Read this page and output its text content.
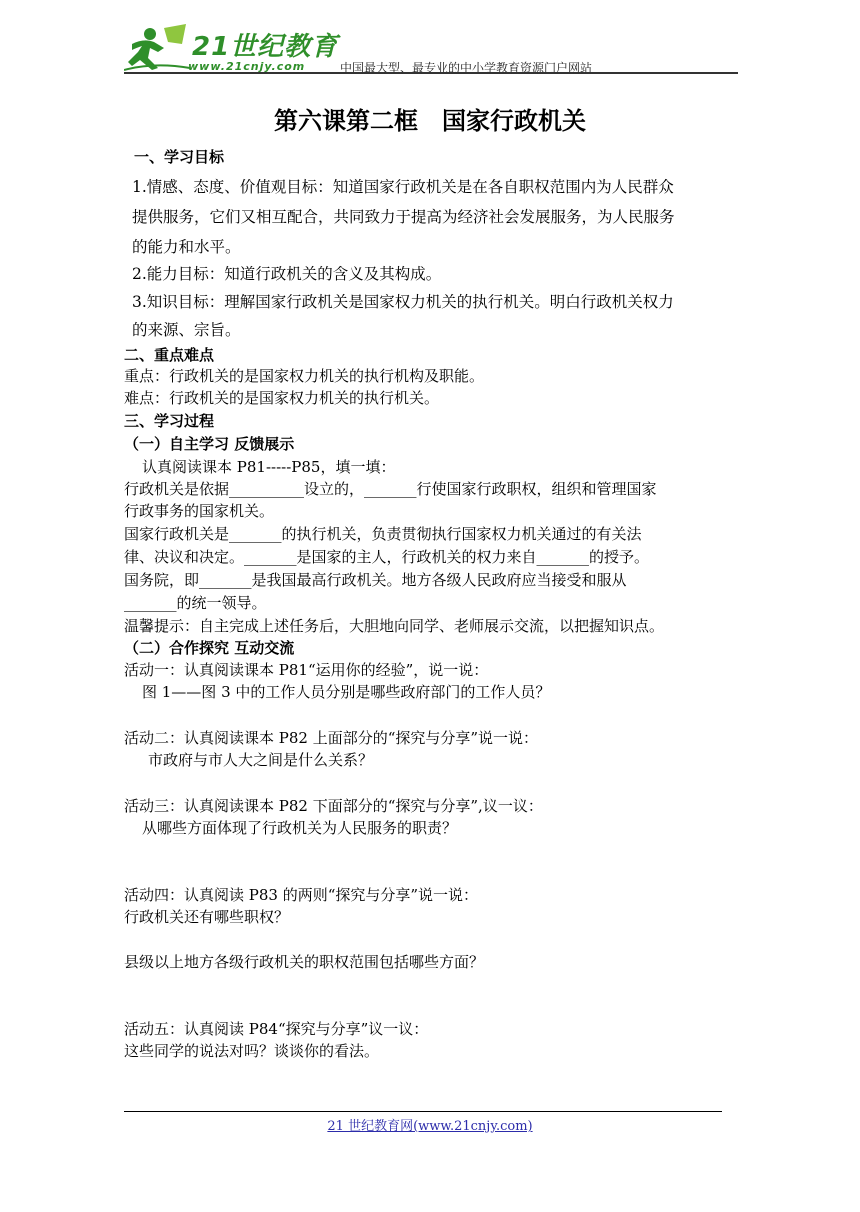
21世纪教育
www.21cnjy.com	中国最大型、最专业的中小学教育资源门户网站
第六课第二框　国家行政机关
一、学习目标
1.情感、态度、价值观目标：知道国家行政机关是在各自职权范围内为人民群众
提供服务，它们又相互配合，共同致力于提高为经济社会发展服务，为人民服务
的能力和水平。
2.能力目标：知道行政机关的含义及其构成。
3.知识目标：理解国家行政机关是国家权力机关的执行机关。明白行政机关权力
的来源、宗旨。
二、重点难点
重点：行政机关的是国家权力机关的执行机构及职能。
难点：行政机关的是国家权力机关的执行机关。
三、学习过程
（一）自主学习 反馈展示
认真阅读课本 P81-----P85，填一填：
行政机关是依据__________设立的，_______行使国家行政职权，组织和管理国家
行政事务的国家机关。
国家行政机关是_______的执行机关，负责贯彻执行国家权力机关通过的有关法
律、决议和决定。_______是国家的主人，行政机关的权力来自_______的授予。
国务院，即_______是我国最高行政机关。地方各级人民政府应当接受和服从
_______的统一领导。
温馨提示：自主完成上述任务后，大胆地向同学、老师展示交流，以把握知识点。
（二）合作探究 互动交流
活动一：认真阅读课本 P81“运用你的经验”，说一说：
图 1——图 3 中的工作人员分别是哪些政府部门的工作人员？
活动二：认真阅读课本 P82 上面部分的“探究与分享”说一说：
市政府与市人大之间是什么关系？
活动三：认真阅读课本 P82 下面部分的“探究与分享”,议一议：
从哪些方面体现了行政机关为人民服务的职责？
活动四：认真阅读 P83 的两则“探究与分享”说一说：
行政机关还有哪些职权？
县级以上地方各级行政机关的职权范围包括哪些方面？
活动五：认真阅读 P84“探究与分享”议一议：
这些同学的说法对吗？谈谈你的看法。
21 世纪教育网(www.21cnjy.com)
